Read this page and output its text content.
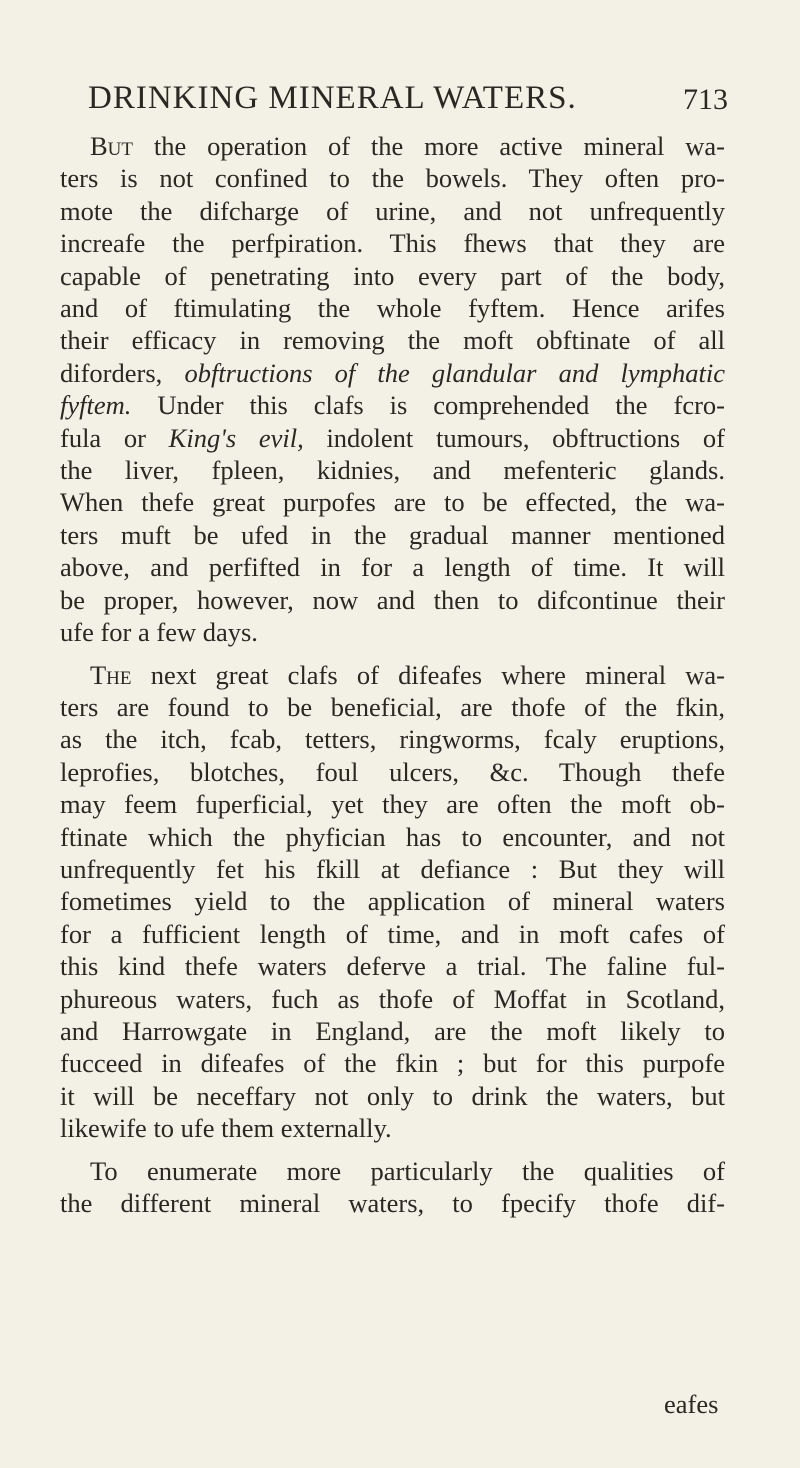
DRINKING MINERAL WATERS.	713

But the operation of the more active mineral wa-
ters is not confined to the bowels. They often pro-
mote the difcharge of urine, and not unfrequently
increafe the perfpiration. This fhews that they are
capable of penetrating into every part of the body,
and of ftimulating the whole fyftem. Hence arifes
their efficacy in removing the moft obftinate of all
diforders, obftructions of the glandular and lymphatic
fyftem. Under this clafs is comprehended the fcro-
fula or King's evil, indolent tumours, obftructions of
the liver, fpleen, kidnies, and mefenteric glands.
When thefe great purpofes are to be effected, the wa-
ters muft be ufed in the gradual manner mentioned
above, and perfifted in for a length of time. It will
be proper, however, now and then to difcontinue their
ufe for a few days.

The next great clafs of difeafes where mineral wa-
ters are found to be beneficial, are thofe of the fkin,
as the itch, fcab, tetters, ringworms, fcaly eruptions,
leprofies, blotches, foul ulcers, &c. Though thefe
may feem fuperficial, yet they are often the moft ob-
ftinate which the phyfician has to encounter, and not
unfrequently fet his fkill at defiance : But they will
fometimes yield to the application of mineral waters
for a fufficient length of time, and in moft cafes of
this kind thefe waters deferve a trial. The faline ful-
phureous waters, fuch as thofe of Moffat in Scotland,
and Harrowgate in England, are the moft likely to
fucceed in difeafes of the fkin ; but for this purpofe
it will be neceffary not only to drink the waters, but
likewife to ufe them externally.

To enumerate more particularly the qualities of
the different mineral waters, to fpecify thofe dif-

eafes
